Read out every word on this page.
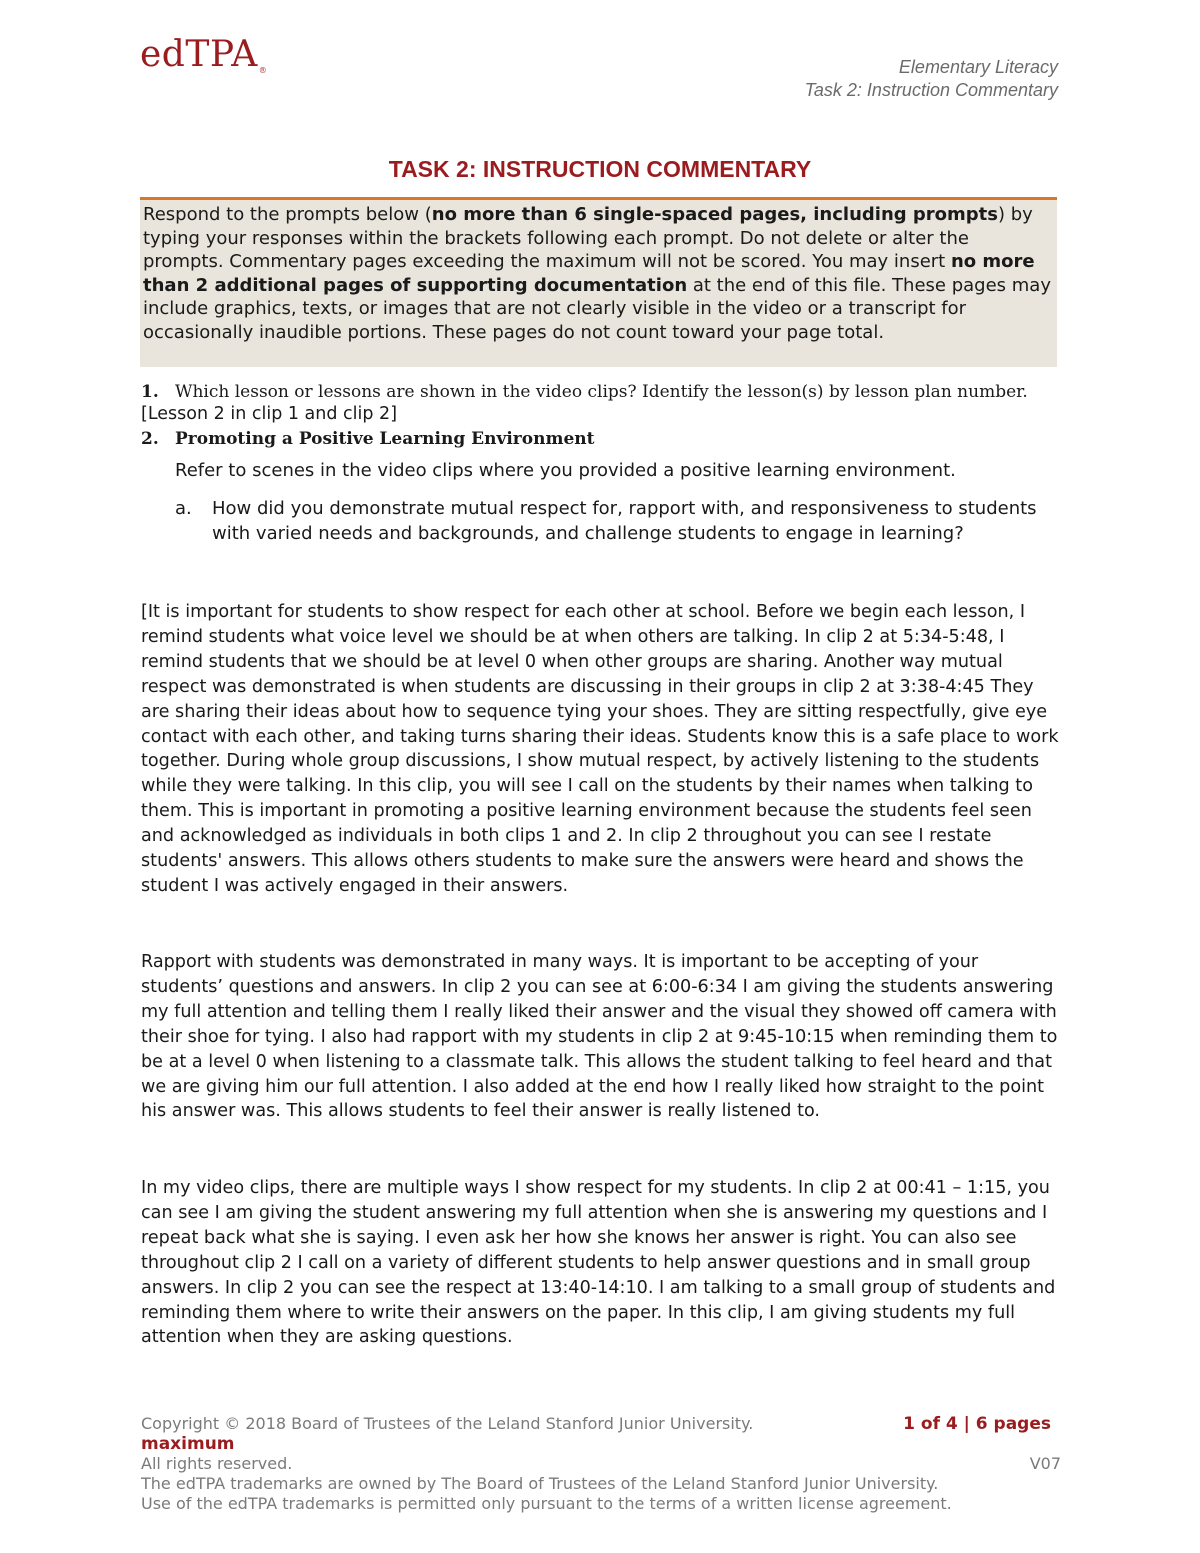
edTPA®	Elementary Literacy
Task 2: Instruction Commentary
TASK 2: INSTRUCTION COMMENTARY
Respond to the prompts below (no more than 6 single-spaced pages, including prompts) by typing your responses within the brackets following each prompt. Do not delete or alter the prompts. Commentary pages exceeding the maximum will not be scored. You may insert no more than 2 additional pages of supporting documentation at the end of this file. These pages may include graphics, texts, or images that are not clearly visible in the video or a transcript for occasionally inaudible portions. These pages do not count toward your page total.
1. Which lesson or lessons are shown in the video clips? Identify the lesson(s) by lesson plan number.
[Lesson 2 in clip 1 and clip 2]
2. Promoting a Positive Learning Environment
Refer to scenes in the video clips where you provided a positive learning environment.
a. How did you demonstrate mutual respect for, rapport with, and responsiveness to students with varied needs and backgrounds, and challenge students to engage in learning?
[It is important for students to show respect for each other at school. Before we begin each lesson, I remind students what voice level we should be at when others are talking. In clip 2 at 5:34-5:48, I remind students that we should be at level 0 when other groups are sharing. Another way mutual respect was demonstrated is when students are discussing in their groups in clip 2 at 3:38-4:45 They are sharing their ideas about how to sequence tying your shoes. They are sitting respectfully, give eye contact with each other, and taking turns sharing their ideas. Students know this is a safe place to work together. During whole group discussions, I show mutual respect, by actively listening to the students while they were talking. In this clip, you will see I call on the students by their names when talking to them. This is important in promoting a positive learning environment because the students feel seen and acknowledged as individuals in both clips 1 and 2. In clip 2 throughout you can see I restate students' answers. This allows others students to make sure the answers were heard and shows the student I was actively engaged in their answers.
Rapport with students was demonstrated in many ways. It is important to be accepting of your students’ questions and answers. In clip 2 you can see at 6:00-6:34 I am giving the students answering my full attention and telling them I really liked their answer and the visual they showed off camera with their shoe for tying. I also had rapport with my students in clip 2 at 9:45-10:15 when reminding them to be at a level 0 when listening to a classmate talk. This allows the student talking to feel heard and that we are giving him our full attention. I also added at the end how I really liked how straight to the point his answer was. This allows students to feel their answer is really listened to.
In my video clips, there are multiple ways I show respect for my students. In clip 2 at 00:41 – 1:15, you can see I am giving the student answering my full attention when she is answering my questions and I repeat back what she is saying. I even ask her how she knows her answer is right. You can also see throughout clip 2 I call on a variety of different students to help answer questions and in small group answers. In clip 2 you can see the respect at 13:40-14:10. I am talking to a small group of students and reminding them where to write their answers on the paper. In this clip, I am giving students my full attention when they are asking questions.
Copyright © 2018 Board of Trustees of the Leland Stanford Junior University.	1 of 4 | 6 pages
maximum
All rights reserved.	V07
The edTPA trademarks are owned by The Board of Trustees of the Leland Stanford Junior University.
Use of the edTPA trademarks is permitted only pursuant to the terms of a written license agreement.
